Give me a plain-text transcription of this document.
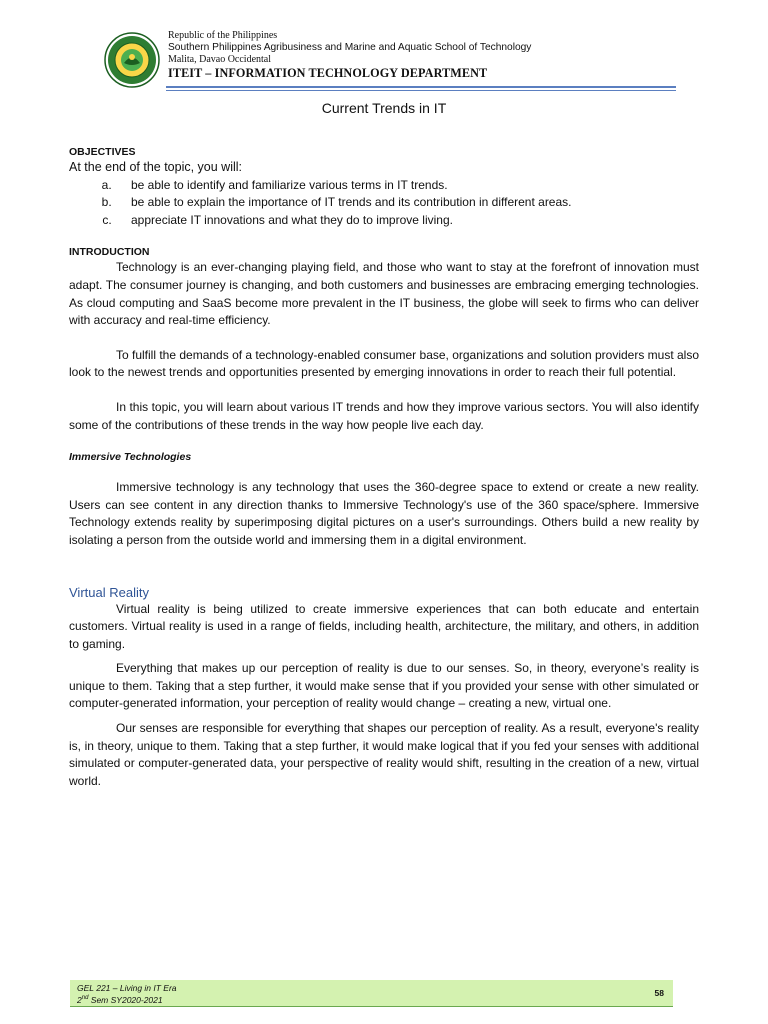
Republic of the Philippines
Southern Philippines Agribusiness and Marine and Aquatic School of Technology
Malita, Davao Occidental
ITEIT – INFORMATION TECHNOLOGY DEPARTMENT
Current Trends in IT
OBJECTIVES
At the end of the topic, you will:
a. be able to identify and familiarize various terms in IT trends.
b. be able to explain the importance of IT trends and its contribution in different areas.
c. appreciate IT innovations and what they do to improve living.
INTRODUCTION

Technology is an ever-changing playing field, and those who want to stay at the forefront of innovation must adapt. The consumer journey is changing, and both customers and businesses are embracing emerging technologies. As cloud computing and SaaS become more prevalent in the IT business, the globe will seek to firms who can deliver with accuracy and real-time efficiency.

To fulfill the demands of a technology-enabled consumer base, organizations and solution providers must also look to the newest trends and opportunities presented by emerging innovations in order to reach their full potential.

In this topic, you will learn about various IT trends and how they improve various sectors. You will also identify some of the contributions of these trends in the way how people live each day.

Immersive Technologies

Immersive technology is any technology that uses the 360-degree space to extend or create a new reality. Users can see content in any direction thanks to Immersive Technology's use of the 360 space/sphere. Immersive Technology extends reality by superimposing digital pictures on a user's surroundings. Others build a new reality by isolating a person from the outside world and immersing them in a digital environment.

Virtual Reality

Virtual reality is being utilized to create immersive experiences that can both educate and entertain customers. Virtual reality is used in a range of fields, including health, architecture, the military, and others, in addition to gaming.

Everything that makes up our perception of reality is due to our senses. So, in theory, everyone’s reality is unique to them. Taking that a step further, it would make sense that if you provided your sense with other simulated or computer-generated information, your perception of reality would change – creating a new, virtual one.

Our senses are responsible for everything that shapes our perception of reality. As a result, everyone's reality is, in theory, unique to them. Taking that a step further, it would make logical that if you fed your senses with additional simulated or computer-generated data, your perspective of reality would shift, resulting in the creation of a new, virtual world.

GEL 221 – Living in IT Era
2nd Sem SY2020-2021
58
